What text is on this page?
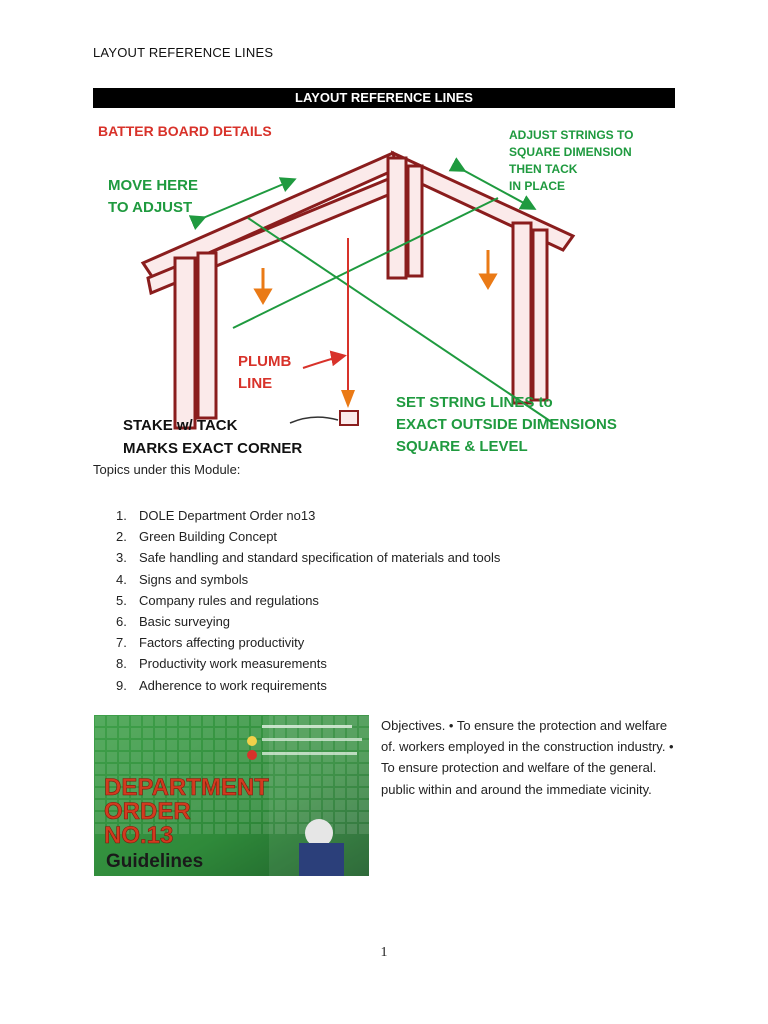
LAYOUT REFERENCE LINES
LAYOUT REFERENCE LINES
BATTER BOARD DETAILS
MOVE HERE
TO ADJUST
ADJUST STRINGS TO
SQUARE DIMENSION
THEN TACK
IN PLACE
PLUMB
LINE
STAKE w/ TACK
MARKS EXACT CORNER
SET STRING LINES to
EXACT OUTSIDE DIMENSIONS
SQUARE & LEVEL
Topics under this Module:
1. DOLE Department Order no13
2. Green Building Concept
3. Safe handling and standard specification of materials and tools
4. Signs and symbols
5. Company rules and regulations
6. Basic surveying
7. Factors affecting productivity
8. Productivity work measurements
9. Adherence to work requirements
DEPARTMENT
ORDER
NO.13
Guidelines
Objectives. • To ensure the protection and welfare of. workers employed in the construction industry. • To ensure protection and welfare of the general. public within and around the immediate vicinity.
1
